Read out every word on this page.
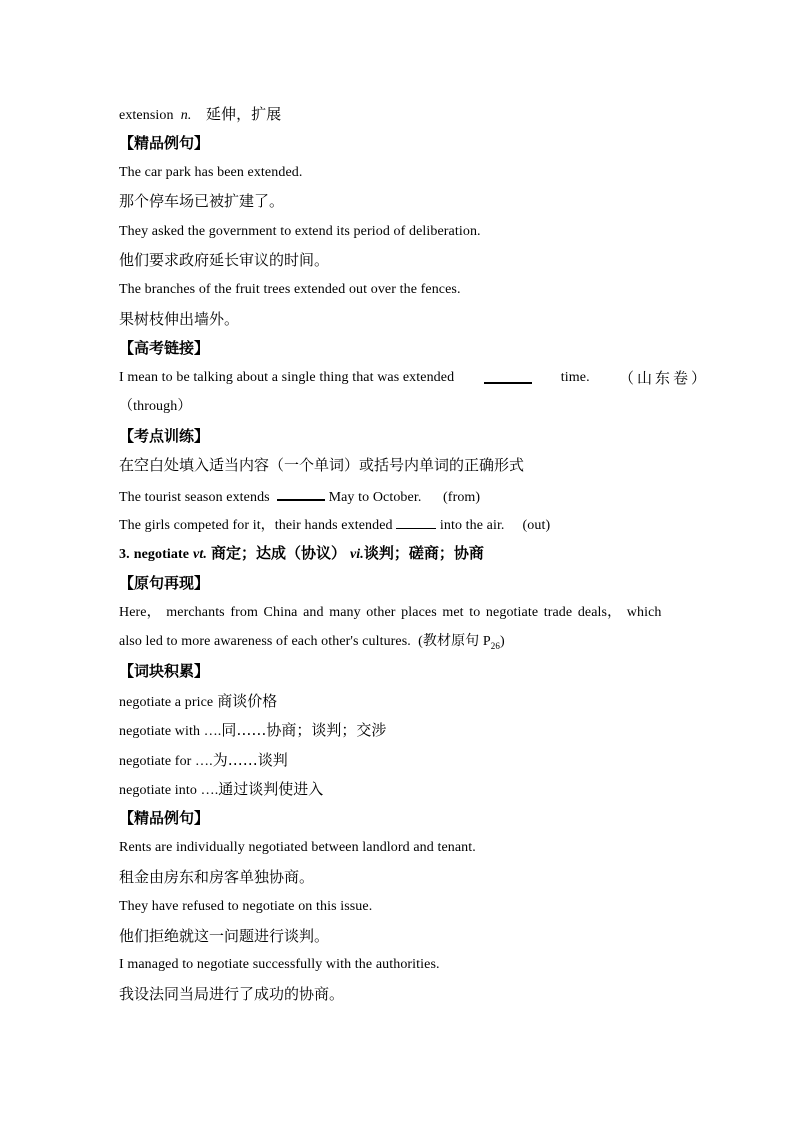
extension n. 延伸，扩展
【精品例句】
The car park has been extended.
那个停车场已被扩建了。
They asked the government to extend its period of deliberation.
他们要求政府延长审议的时间。
The branches of the fruit trees extended out over the fences.
果树枝伸出墙外。
【高考链接】
I mean to be talking about a single thing that was extended	time. （山东卷）
（through）
【考点训练】
在空白处填入适当内容（一个单词）或括号内单词的正确形式
The tourist season extends	May to October. (from)
The girls competed for it，their hands extended	into the air. (out)
3. negotiate vt. 商定；达成（协议） vi.谈判；磋商；协商
【原句再现】
Here， merchants from China and many other places met to negotiate trade deals， which
also led to more awareness of each other's cultures. (教材原句 $P_{26}$)
【词块积累】
negotiate a price 商谈价格
negotiate with ….同……协商；谈判；交涉
negotiate for ….为……谈判
negotiate into ….通过谈判使进入
【精品例句】
Rents are individually negotiated between landlord and tenant.
租金由房东和房客单独协商。
They have refused to negotiate on this issue.
他们拒绝就这一问题进行谈判。
I managed to negotiate successfully with the authorities.
我设法同当局进行了成功的协商。
